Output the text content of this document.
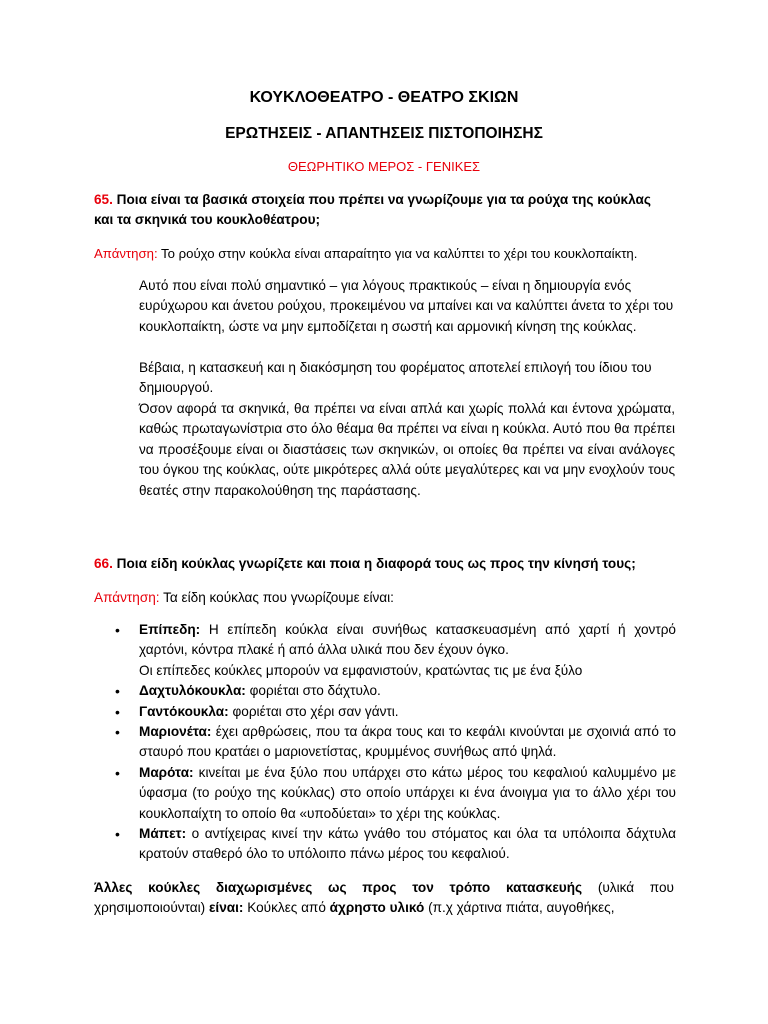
ΚΟΥΚΛΟΘΕΑΤΡΟ - ΘΕΑΤΡΟ ΣΚΙΩΝ
ΕΡΩΤΗΣΕΙΣ - ΑΠΑΝΤΗΣΕΙΣ ΠΙΣΤΟΠΟΙΗΣΗΣ
ΘΕΩΡΗΤΙΚΟ ΜΕΡΟΣ - ΓΕΝΙΚΕΣ
65. Ποια είναι τα βασικά στοιχεία που πρέπει να γνωρίζουμε για τα ρούχα της κούκλας
και τα σκηνικά του κουκλοθέατρου;
Απάντηση: Το ρούχο στην κούκλα είναι απαραίτητο για να καλύπτει το χέρι του κουκλοπαίκτη.
Αυτό που είναι πολύ σημαντικό – για λόγους πρακτικούς – είναι η δημιουργία ενός ευρύχωρου και άνετου ρούχου, προκειμένου να μπαίνει και να καλύπτει άνετα το χέρι του κουκλοπαίκτη, ώστε να μην εμποδίζεται η σωστή και αρμονική κίνηση της κούκλας.
Βέβαια, η κατασκευή και η διακόσμηση του φορέματος αποτελεί επιλογή του ίδιου του δημιουργού.
Όσον αφορά τα σκηνικά, θα πρέπει να είναι απλά και χωρίς πολλά και έντονα χρώματα, καθώς πρωταγωνίστρια στο όλο θέαμα θα πρέπει να είναι η κούκλα. Αυτό που θα πρέπει να προσέξουμε είναι οι διαστάσεις των σκηνικών, οι οποίες θα πρέπει να είναι ανάλογες του όγκου της κούκλας, ούτε μικρότερες αλλά ούτε μεγαλύτερες και να μην ενοχλούν τους θεατές στην παρακολούθηση της παράστασης.
66. Ποια είδη κούκλας γνωρίζετε και ποια η διαφορά τους ως προς την κίνησή τους;
Απάντηση: Τα είδη κούκλας που γνωρίζουμε είναι:
• Επίπεδη: Η επίπεδη κούκλα είναι συνήθως κατασκευασμένη από χαρτί ή χοντρό χαρτόνι, κόντρα πλακέ ή από άλλα υλικά που δεν έχουν όγκο.
Οι επίπεδες κούκλες μπορούν να εμφανιστούν, κρατώντας τις με ένα ξύλο
• Δαχτυλόκουκλα: φοριέται στο δάχτυλο.
• Γαντόκουκλα: φοριέται στο χέρι σαν γάντι.
• Μαριονέτα: έχει αρθρώσεις, που τα άκρα τους και το κεφάλι κινούνται με σχοινιά από το σταυρό που κρατάει ο μαριονετίστας, κρυμμένος συνήθως από ψηλά.
• Μαρότα: κινείται με ένα ξύλο που υπάρχει στο κάτω μέρος του κεφαλιού καλυμμένο με ύφασμα (το ρούχο της κούκλας) στο οποίο υπάρχει κι ένα άνοιγμα για το άλλο χέρι του κουκλοπαίχτη το οποίο θα «υποδύεται» το χέρι της κούκλας.
• Μάπετ: ο αντίχειρας κινεί την κάτω γνάθο του στόματος και όλα τα υπόλοιπα δάχτυλα κρατούν σταθερό όλο το υπόλοιπο πάνω μέρος του κεφαλιού.
Άλλες κούκλες διαχωρισμένες ως προς τον τρόπο κατασκευής (υλικά που χρησιμοποιούνται) είναι: Κούκλες από άχρηστο υλικό (π.χ χάρτινα πιάτα, αυγοθήκες,
